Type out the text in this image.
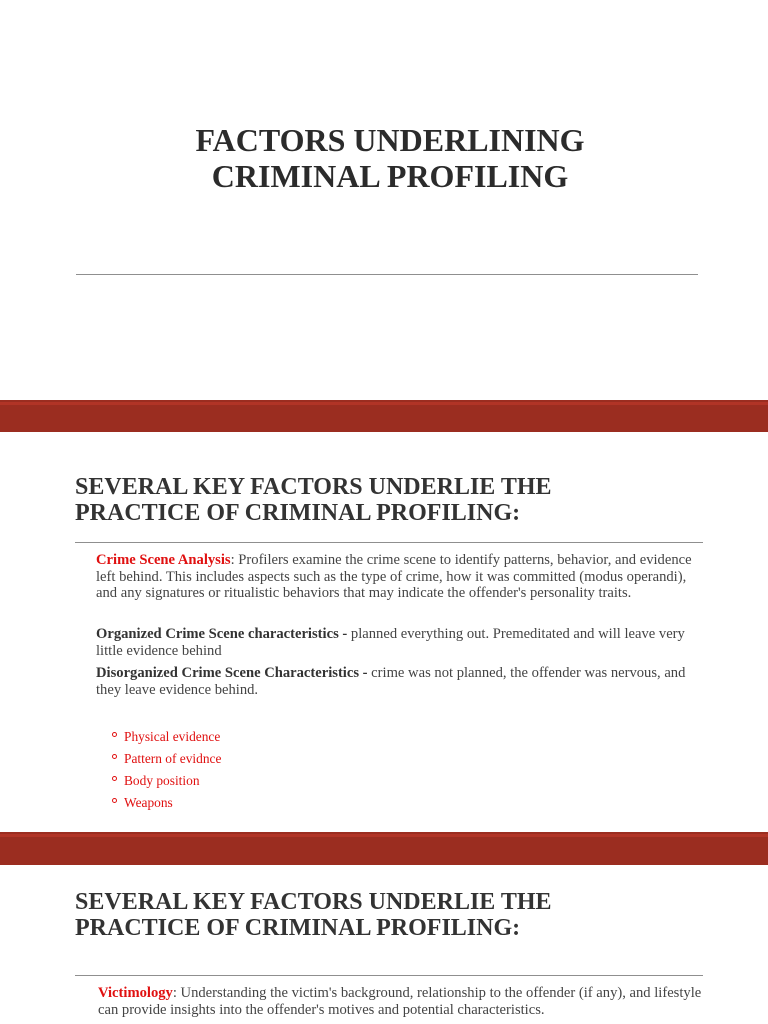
FACTORS UNDERLINING
CRIMINAL PROFILING
SEVERAL KEY FACTORS UNDERLIE THE
PRACTICE OF CRIMINAL PROFILING:

Crime Scene Analysis: Profilers examine the crime scene to identify patterns, behavior, and evidence left behind. This includes aspects such as the type of crime, how it was committed (modus operandi), and any signatures or ritualistic behaviors that may indicate the offender's personality traits.

Organized Crime Scene characteristics - planned everything out. Premeditated and will leave very little evidence behind

Disorganized Crime Scene Characteristics - crime was not planned, the offender was nervous, and they leave evidence behind.

Physical evidence
Pattern of evidnce
Body position
Weapons
SEVERAL KEY FACTORS UNDERLIE THE
PRACTICE OF CRIMINAL PROFILING:

Victimology: Understanding the victim's background, relationship to the offender (if any), and lifestyle can provide insights into the offender's motives and potential characteristics.
